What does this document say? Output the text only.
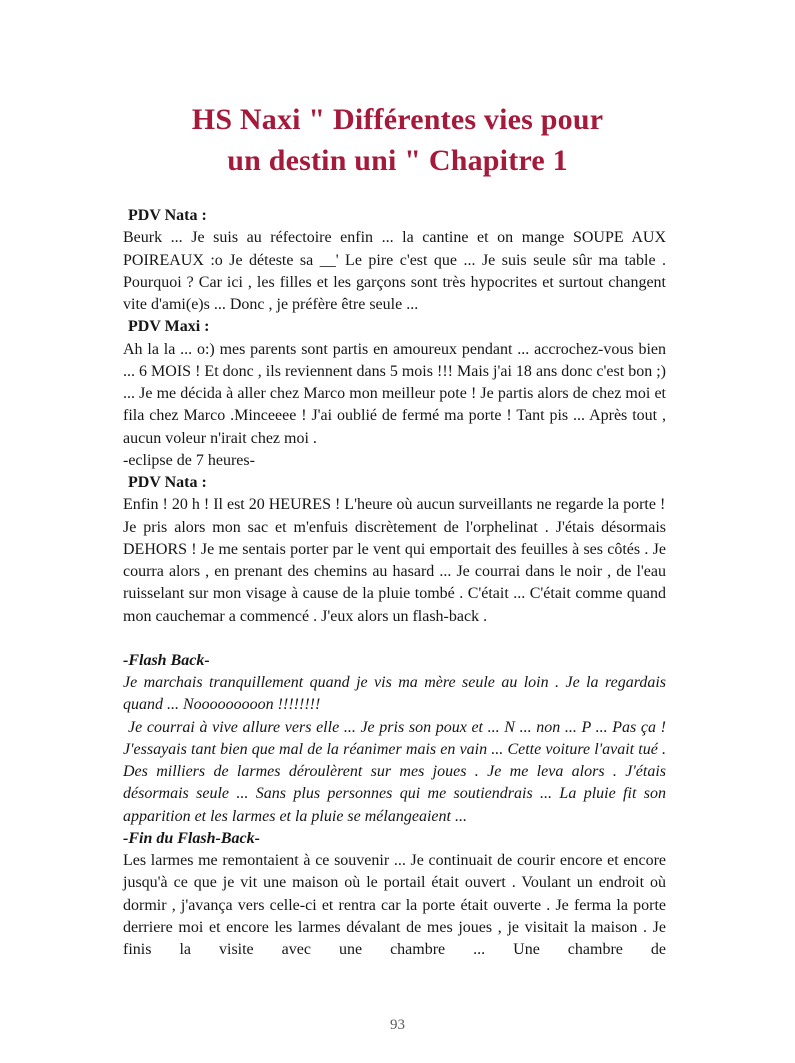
HS Naxi " Différentes vies pour
un destin uni " Chapitre 1

PDV Nata :

Beurk ... Je suis au réfectoire enfin ... la cantine et on mange SOUPE AUX POIREAUX :o Je déteste sa __' Le pire c'est que ... Je suis seule sûr ma table . Pourquoi ? Car ici , les filles et les garçons sont très hypocrites et surtout changent vite d'ami(e)s ... Donc , je préfère être seule ...

PDV Maxi :

Ah la la ... o:) mes parents sont partis en amoureux pendant ... accrochez-vous bien ... 6 MOIS ! Et donc , ils reviennent dans 5 mois !!! Mais j'ai 18 ans donc c'est bon ;) ... Je me décida à aller chez Marco mon meilleur pote ! Je partis alors de chez moi et fila chez Marco .Minceeee ! J'ai oublié de fermé ma porte ! Tant pis ... Après tout , aucun voleur n'irait chez moi .

-eclipse de 7 heures-

PDV Nata :

Enfin ! 20 h ! Il est 20 HEURES ! L'heure où aucun surveillants ne regarde la porte !

Je pris alors mon sac et m'enfuis discrètement de l'orphelinat . J'étais désormais DEHORS ! Je me sentais porter par le vent qui emportait des feuilles à ses côtés . Je courra alors , en prenant des chemins au hasard ... Je courrai dans le noir , de l'eau ruisselant sur mon visage à cause de la pluie tombé . C'était ... C'était comme quand mon cauchemar a commencé . J'eux alors un flash-back .

-Flash Back-

Je marchais tranquillement quand je vis ma mère seule au loin . Je la regardais quand ... Nooooooooon !!!!!!!!

Je courrai à vive allure vers elle ... Je pris son poux et ... N ... non ... P ... Pas ça ! J'essayais tant bien que mal de la réanimer mais en vain ... Cette voiture l'avait tué . Des milliers de larmes déroulèrent sur mes joues . Je me leva alors . J'étais désormais seule ... Sans plus personnes qui me soutiendrais ... La pluie fit son apparition et les larmes et la pluie se mélangeaient ...

-Fin du Flash-Back-

Les larmes me remontaient à ce souvenir ... Je continuait de courir encore et encore jusqu'à ce que je vit une maison où le portail était ouvert . Voulant un endroit où dormir , j'avança vers celle-ci et rentra car la porte était ouverte . Je ferma la porte derriere moi et encore les larmes dévalant de mes joues , je visitait la maison . Je finis la visite avec une chambre ... Une chambre de

93
